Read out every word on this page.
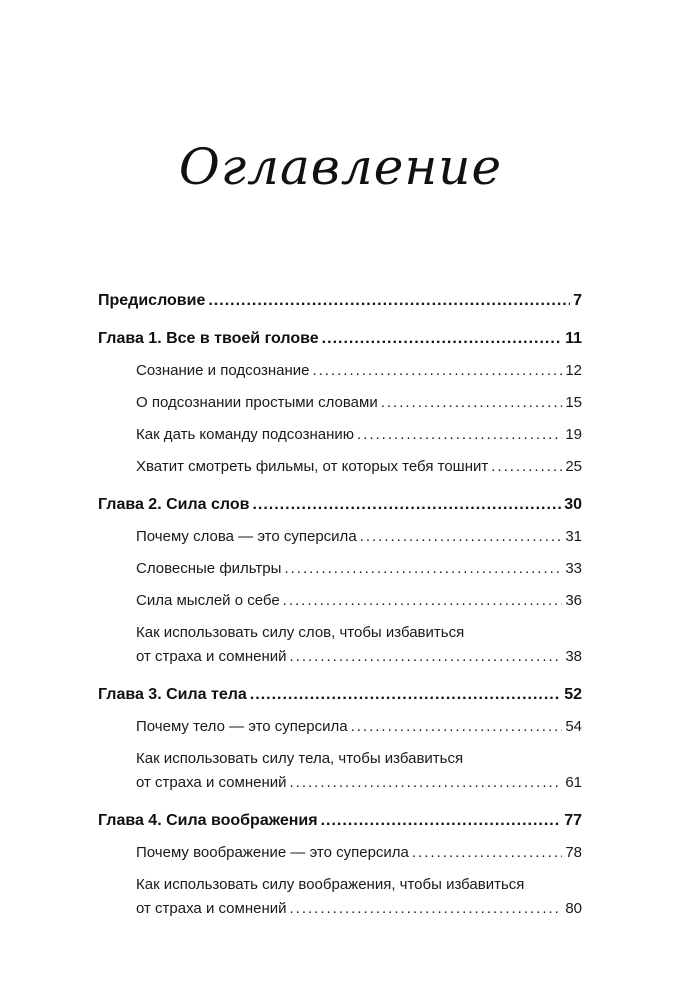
Оглавление
Предисловие .....	7
Глава 1. Все в твоей голове .....	11
Сознание и подсознание .....	12
О подсознании простыми словами .....	15
Как дать команду подсознанию .....	19
Хватит смотреть фильмы, от которых тебя тошнит .....	25
Глава 2. Сила слов .....	30
Почему слова — это суперсила .....	31
Словесные фильтры .....	33
Сила мыслей о себе .....	36
Как использовать силу слов, чтобы избавиться
от страха и сомнений .....	38
Глава 3. Сила тела .....	52
Почему тело — это суперсила .....	54
Как использовать силу тела, чтобы избавиться
от страха и сомнений .....	61
Глава 4. Сила воображения .....	77
Почему воображение — это суперсила .....	78
Как использовать силу воображения, чтобы избавиться
от страха и сомнений .....	80
